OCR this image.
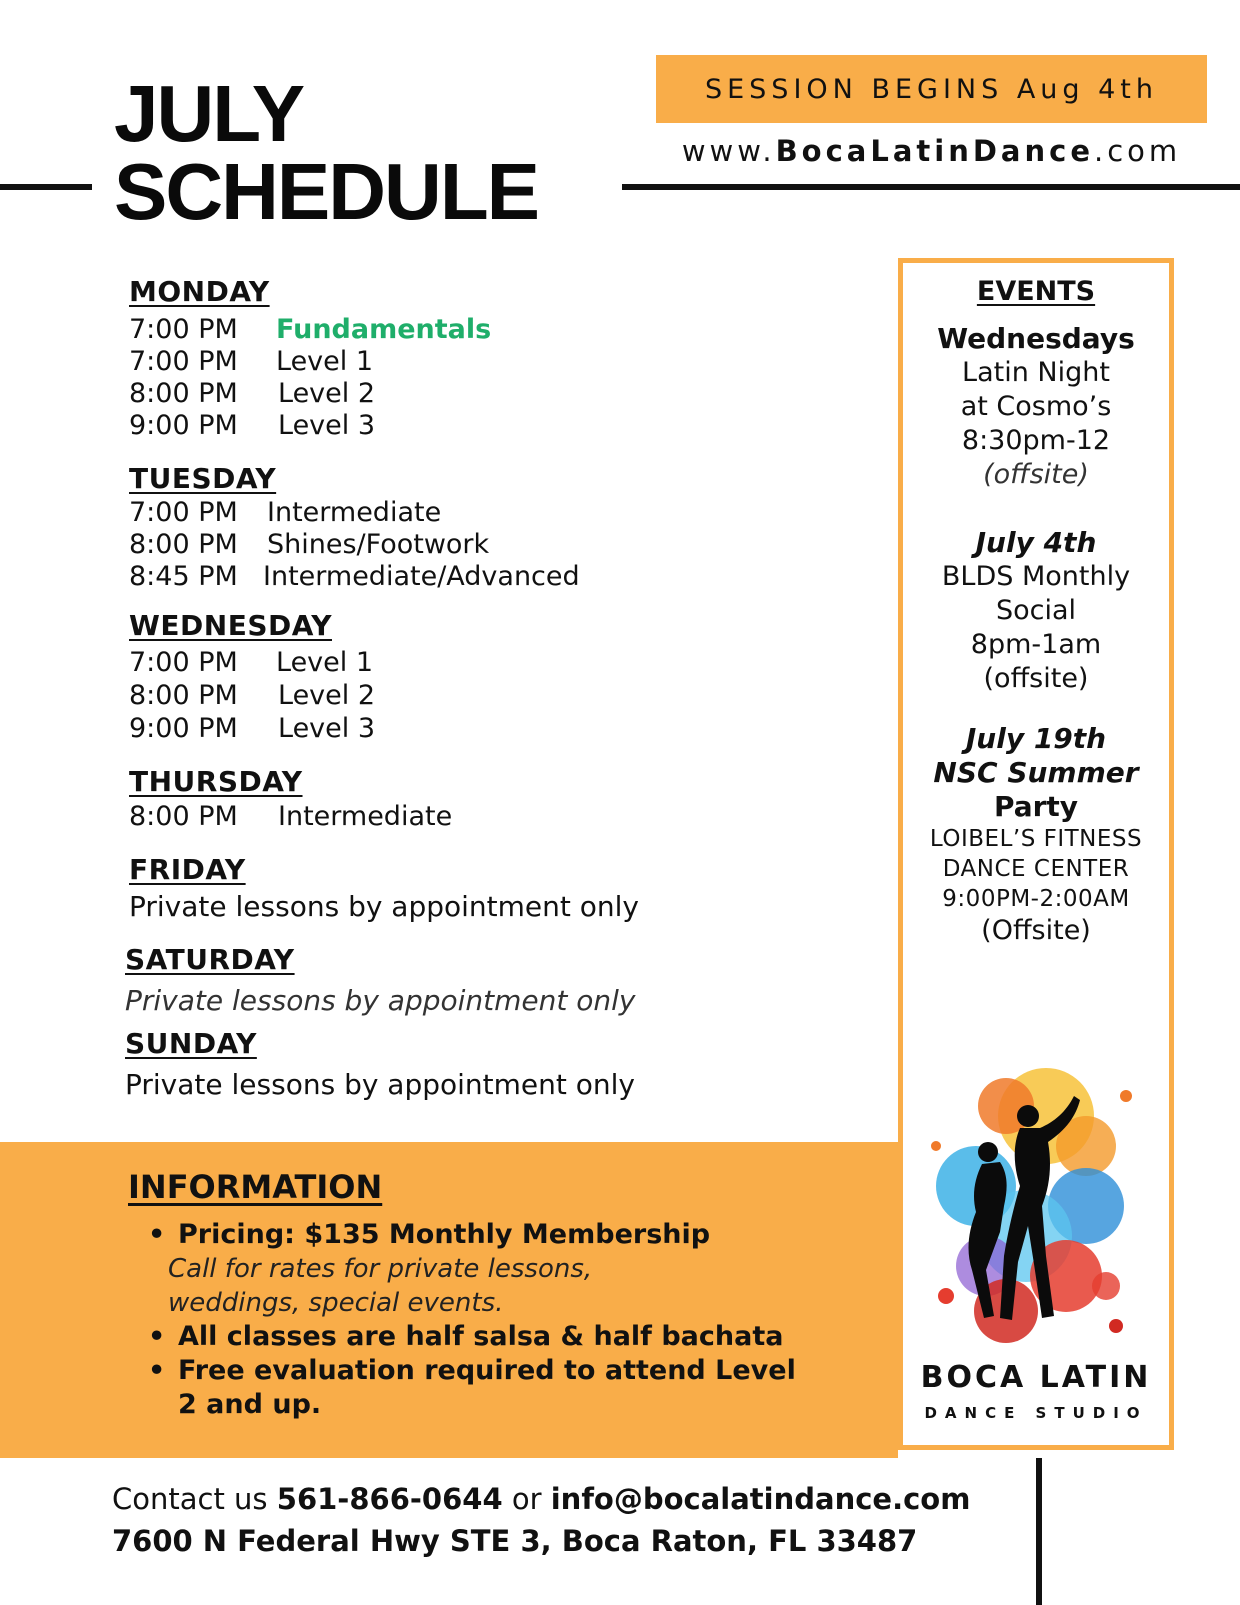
JULY
SCHEDULE
SESSION BEGINS Aug 4th
www.BocaLatinDance.com
MONDAY
7:00 PM Fundamentals
7:00 PM Level 1
8:00 PM Level 2
9:00 PM Level 3
TUESDAY
7:00 PM Intermediate
8:00 PM Shines/Footwork
8:45 PM Intermediate/Advanced
WEDNESDAY
7:00 PM Level 1
8:00 PM Level 2
9:00 PM Level 3
THURSDAY
8:00 PM Intermediate
FRIDAY
Private lessons by appointment only
SATURDAY
Private lessons by appointment only
SUNDAY
Private lessons by appointment only
INFORMATION
• Pricing: $135 Monthly Membership
Call for rates for private lessons,
weddings, special events.
• All classes are half salsa & half bachata
• Free evaluation required to attend Level
2 and up.
EVENTS
Wednesdays
Latin Night
at Cosmo’s
8:30pm-12
(offsite)
July 4th
BLDS Monthly
Social
8pm-1am
(offsite)
July 19th
NSC Summer
Party
LOIBEL’S FITNESS
DANCE CENTER
9:00PM-2:00AM
(Offsite)
BOCA LATIN
DANCE STUDIO
Contact us 561-866-0644 or info@bocalatindance.com
7600 N Federal Hwy STE 3, Boca Raton, FL 33487
